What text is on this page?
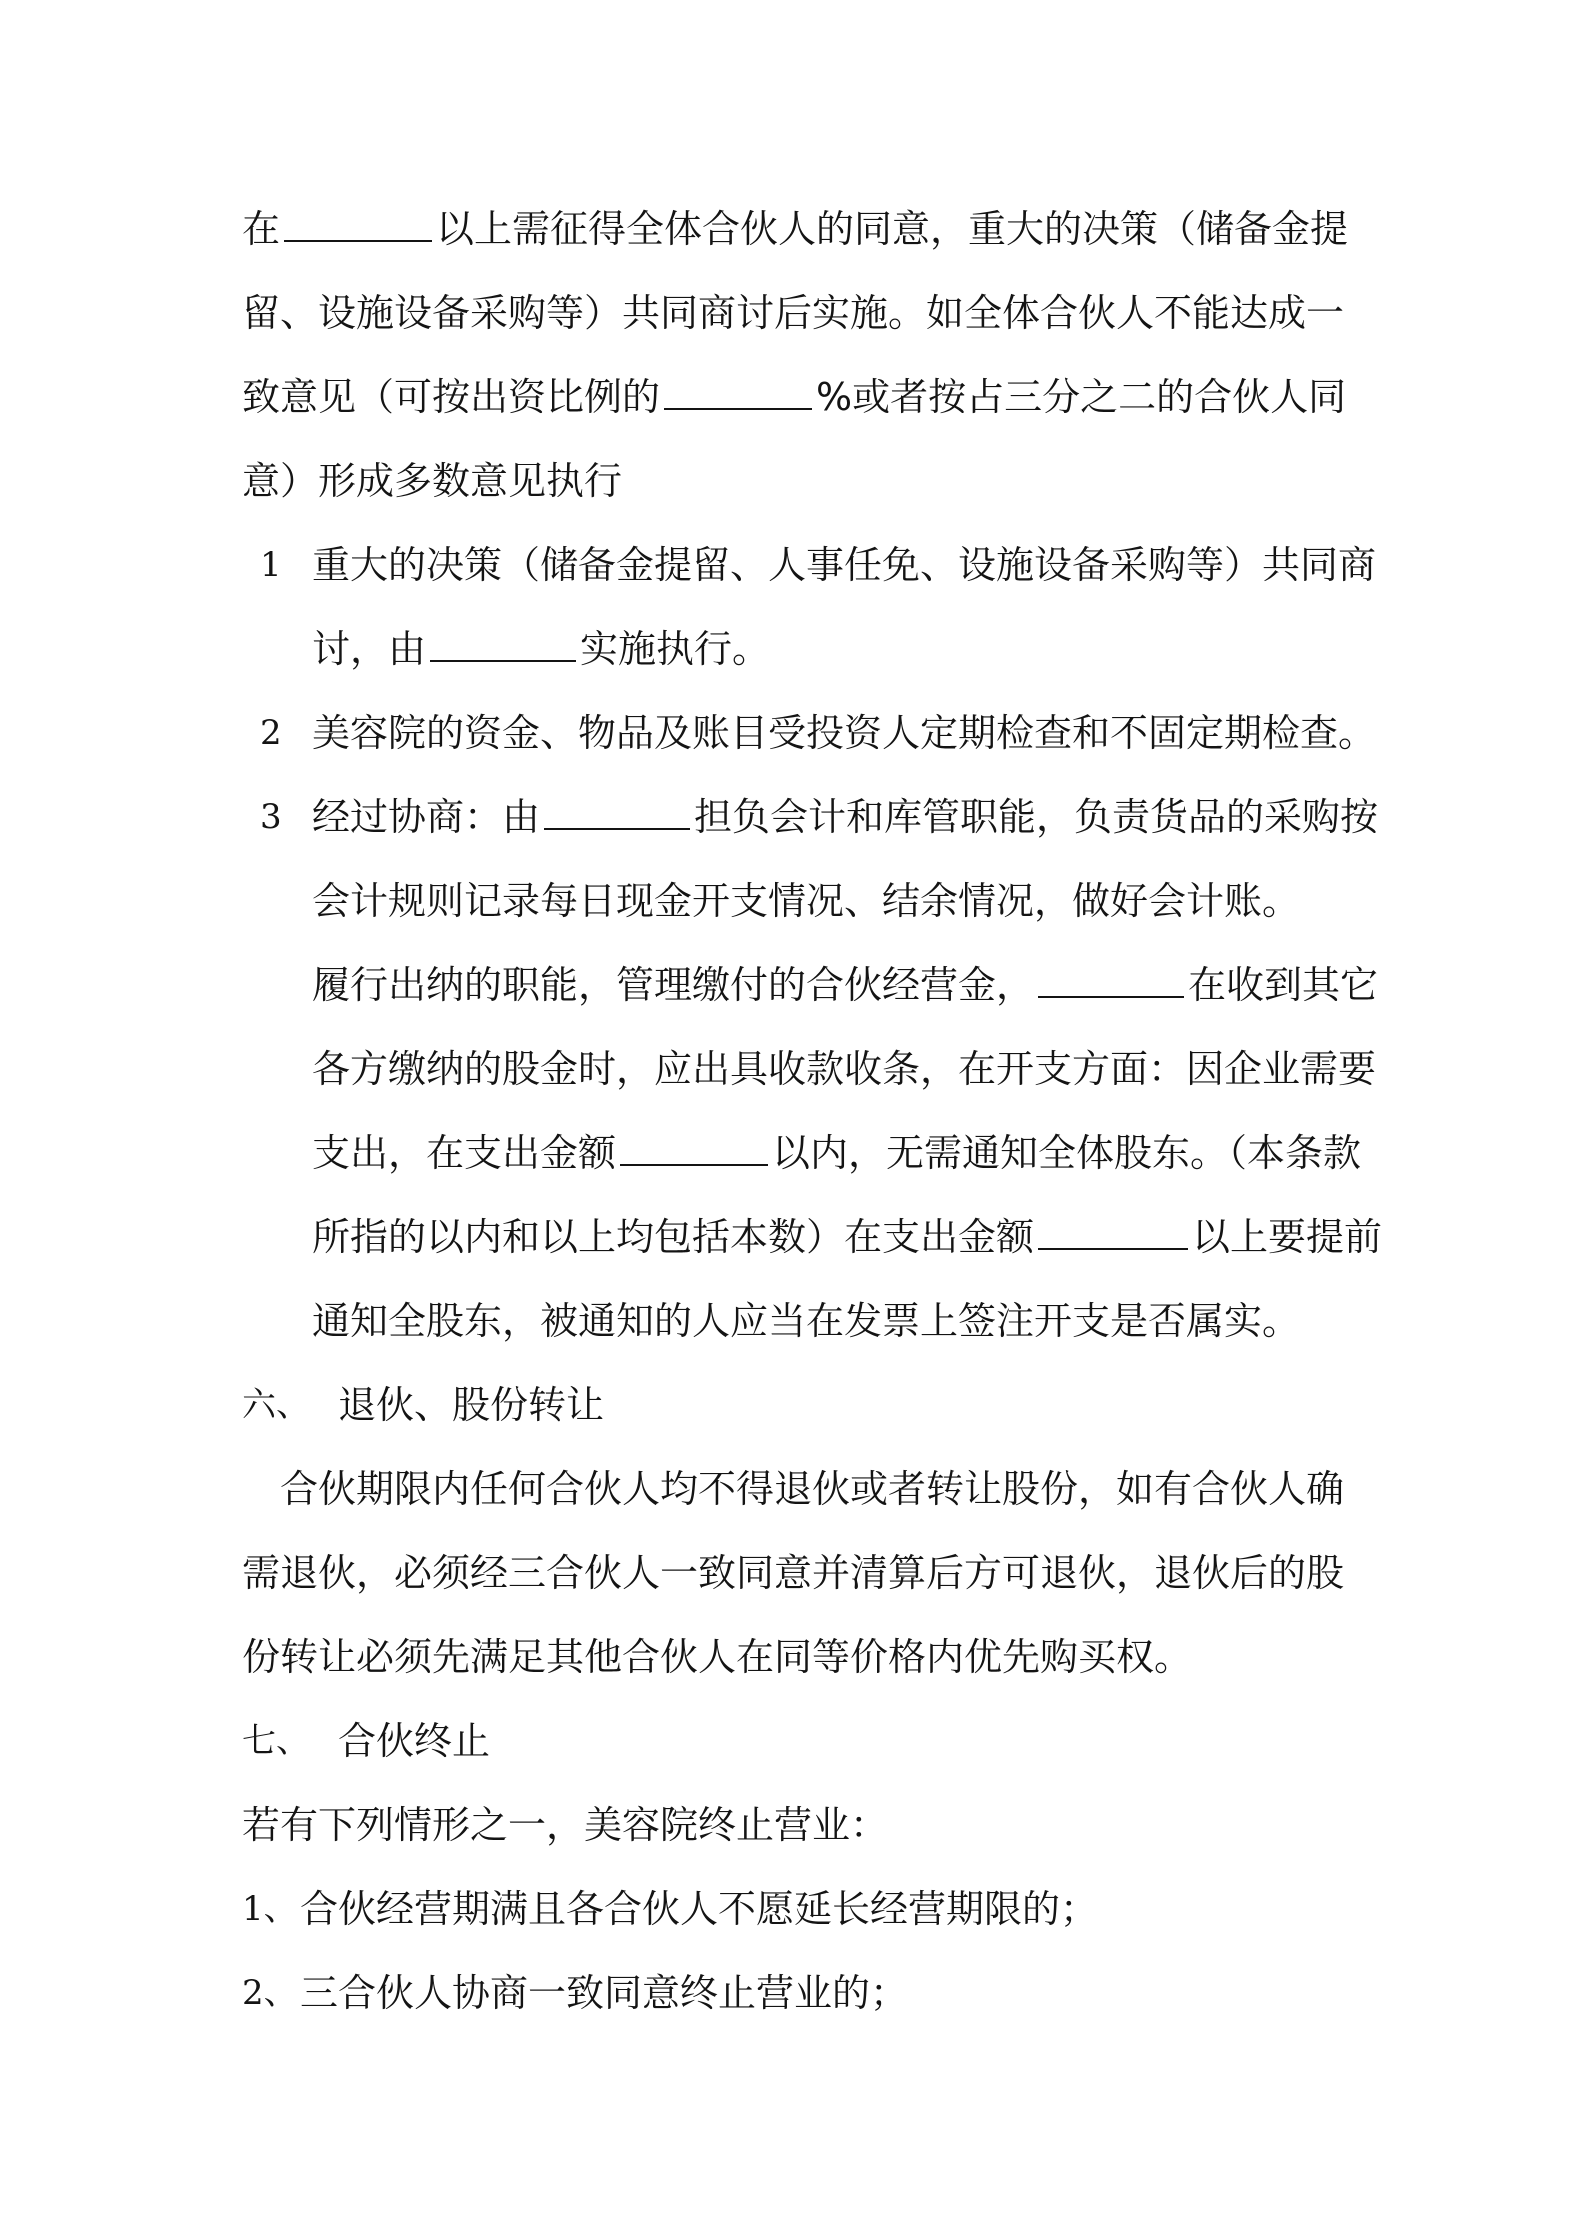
在	以上需征得全体合伙人的同意，重大的决策（储备金提
留、设施设备采购等）共同商讨后实施。如全体合伙人不能达成一
致意见（可按出资比例的	%或者按占三分之二的合伙人同
意）形成多数意见执行
1 重大的决策（储备金提留、人事任免、设施设备采购等）共同商
讨，由	实施执行。
2 美容院的资金、物品及账目受投资人定期检查和不固定期检查。
3 经过协商：由	担负会计和库管职能，负责货品的采购按
会计规则记录每日现金开支情况、结余情况，做好会计账。
履行出纳的职能，管理缴付的合伙经营金，	在收到其它
各方缴纳的股金时，应出具收款收条，在开支方面：因企业需要
支出，在支出金额	以内，无需通知全体股东。（本条款
所指的以内和以上均包括本数）在支出金额	以上要提前
通知全股东，被通知的人应当在发票上签注开支是否属实。
六、 退伙、股份转让
合伙期限内任何合伙人均不得退伙或者转让股份，如有合伙人确
需退伙，必须经三合伙人一致同意并清算后方可退伙，退伙后的股
份转让必须先满足其他合伙人在同等价格内优先购买权。
七、 合伙终止
若有下列情形之一，美容院终止营业：
1、 合伙经营期满且各合伙人不愿延长经营期限的；
2、 三合伙人协商一致同意终止营业的；
